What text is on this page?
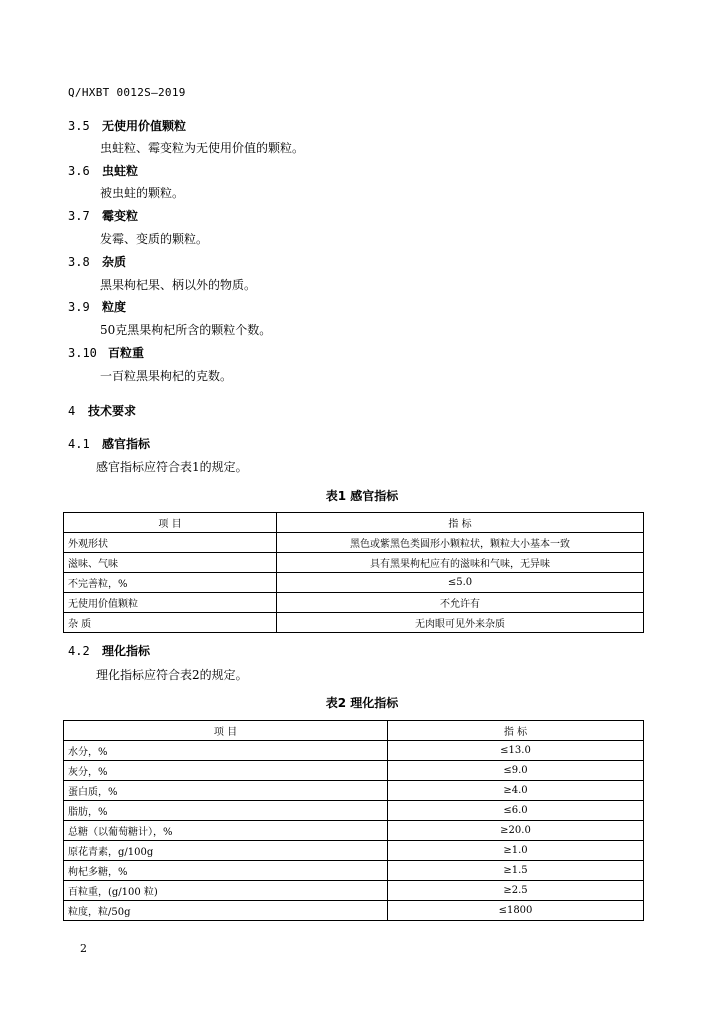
Q/HXBT 0012S—2019
3.5 无使用价值颗粒
虫蛀粒、霉变粒为无使用价值的颗粒。
3.6 虫蛀粒
被虫蛀的颗粒。
3.7 霉变粒
发霉、变质的颗粒。
3.8 杂质
黑果枸杞果、柄以外的物质。
3.9 粒度
50克黑果枸杞所含的颗粒个数。
3.10 百粒重
一百粒黑果枸杞的克数。
4 技术要求
4.1 感官指标
感官指标应符合表1的规定。
表1 感官指标
项 目	指 标
外观形状	黑色或紫黑色类圆形小颗粒状，颗粒大小基本一致
滋味、气味	具有黑果枸杞应有的滋味和气味，无异味
不完善粒，%	≤5.0
无使用价值颗粒	不允许有
杂 质	无肉眼可见外来杂质
4.2 理化指标
理化指标应符合表2的规定。
表2 理化指标
项 目	指 标
水分，%	≤13.0
灰分，%	≤9.0
蛋白质，%	≥4.0
脂肪，%	≤6.0
总糖（以葡萄糖计），%	≥20.0
原花青素，g/100g	≥1.0
枸杞多糖，%	≥1.5
百粒重，(g/100 粒)	≥2.5
粒度，粒/50g	≤1800
2
